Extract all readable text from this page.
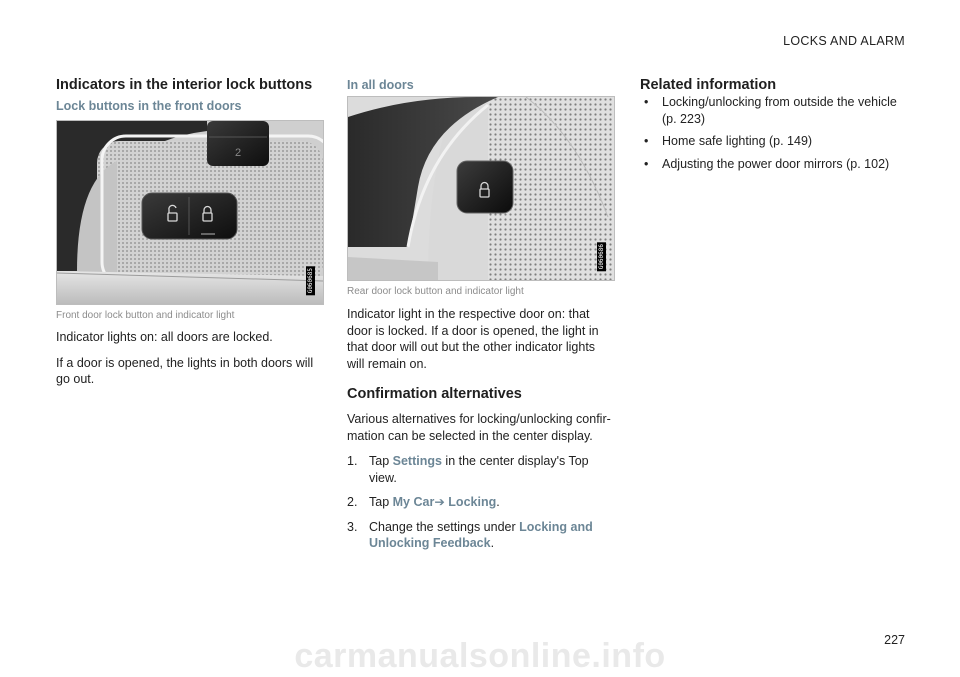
LOCKS AND ALARM
Indicators in the interior lock buttons
Lock buttons in the front doors
2
G060685
Front door lock button and indicator light

Indicator lights on: all doors are locked.

If a door is opened, the lights in both doors will go out.

In all doors
G060686
Rear door lock button and indicator light

Indicator light in the respective door on: that door is locked. If a door is opened, the light in that door will out but the other indicator lights will remain on.

Confirmation alternatives

Various alternatives for locking/unlocking confir-mation can be selected in the center display.

1. Tap Settings in the center display's Top view.
2. Tap My Car➔ Locking.
3. Change the settings under Locking and Unlocking Feedback.
Related information
• Locking/unlocking from outside the vehicle (p. 223)
• Home safe lighting (p. 149)
• Adjusting the power door mirrors (p. 102)
227
carmanualsonline.info
